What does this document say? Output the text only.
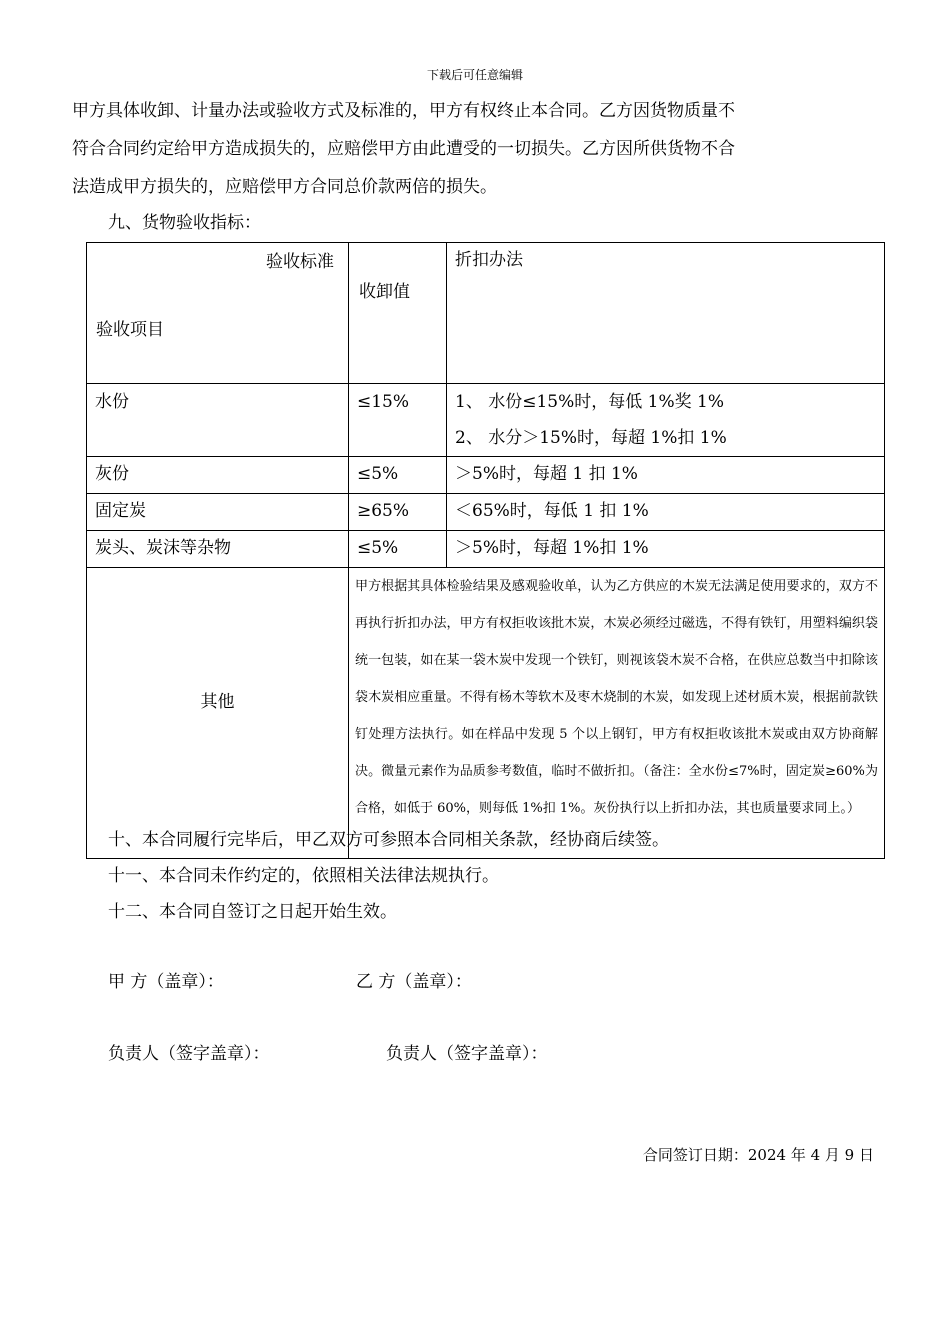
下载后可任意编辑

甲方具体收卸、计量办法或验收方式及标准的，甲方有权终止本合同。乙方因货物质量不

符合合同约定给甲方造成损失的，应赔偿甲方由此遭受的一切损失。乙方因所供货物不合

法造成甲方损失的，应赔偿甲方合同总价款两倍的损失。

九、货物验收指标：
验收标准
验收项目	收卸值	折扣办法
水份	≤15%	1、 水份≤15%时，每低 1%奖 1%
2、 水分＞15%时，每超 1%扣 1%

灰份	≤5%	＞5%时，每超 1 扣 1%
固定炭	≥65%	＜65%时，每低 1 扣 1%
炭头、炭沫等杂物	≤5%	＞5%时，每超 1%扣 1%
其他	甲方根据其具体检验结果及感观验收单，认为乙方供应的木炭无法满足使用要求的，双方不再执行折扣办法，甲方有权拒收该批木炭，木炭必须经过磁选，不得有铁钉，用塑料编织袋统一包装，如在某一袋木炭中发现一个铁钉，则视该袋木炭不合格，在供应总数当中扣除该袋木炭相应重量。不得有杨木等软木及枣木烧制的木炭，如发现上述材质木炭，根据前款铁钉处理方法执行。如在样品中发现 5 个以上钢钉，甲方有权拒收该批木炭或由双方协商解决。微量元素作为品质参考数值，临时不做折扣。（备注：全水份≤7%时，固定炭≥60%为合格，如低于 60%，则每低 1%扣 1%。灰份执行以上折扣办法，其也质量要求同上。）	
十、本合同履行完毕后，甲乙双方可参照本合同相关条款，经协商后续签。
十一、本合同未作约定的，依照相关法律法规执行。
十二、本合同自签订之日起开始生效。
甲 方（盖章）：	乙 方（盖章）：
负责人（签字盖章）：	负责人（签字盖章）：
合同签订日期：2024 年 4 月 9 日
